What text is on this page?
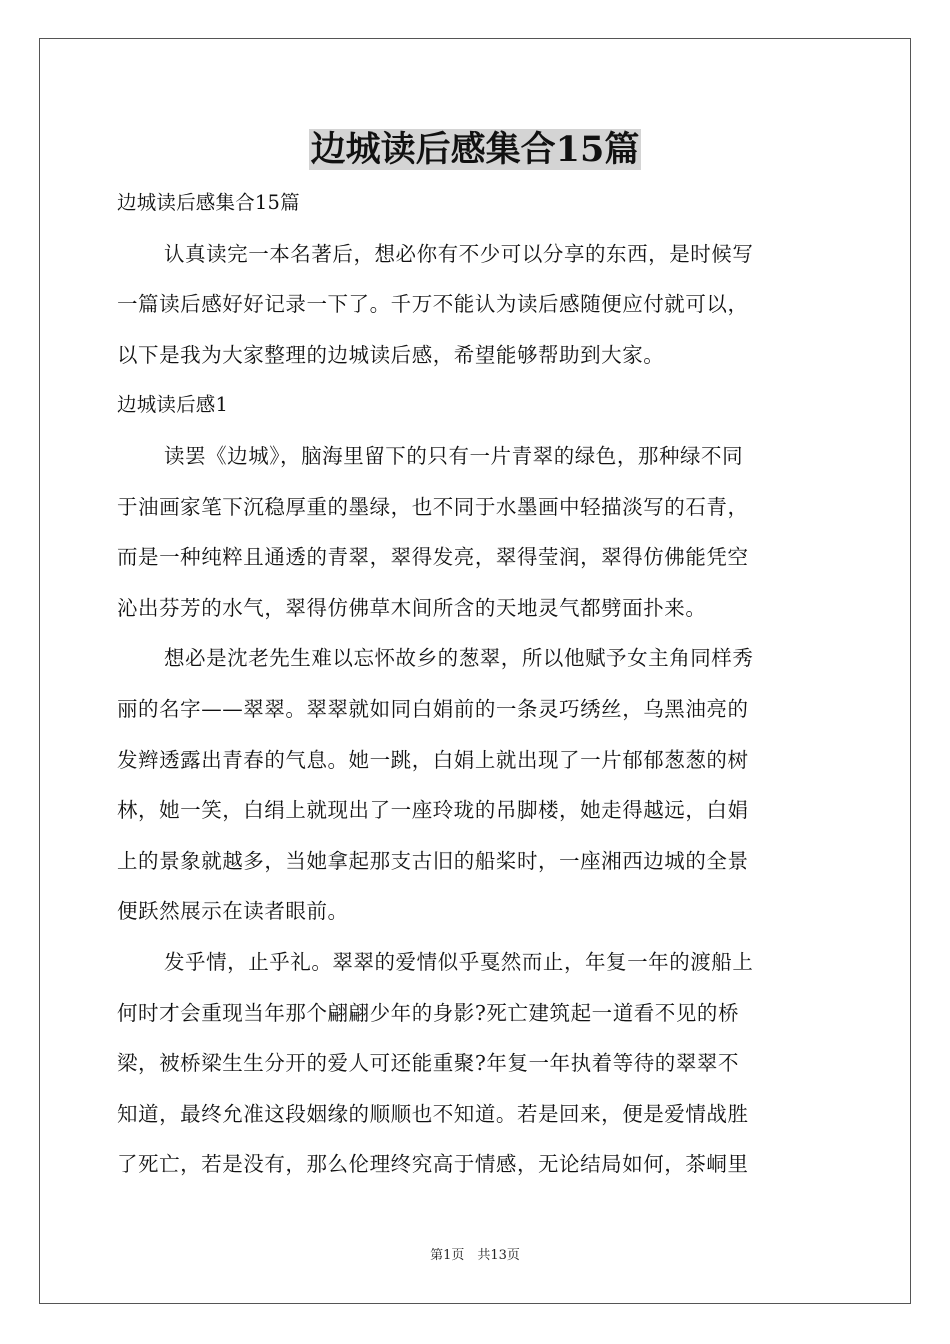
边城读后感集合15篇
边城读后感集合15篇
认真读完一本名著后，想必你有不少可以分享的东西，是时候写
一篇读后感好好记录一下了。千万不能认为读后感随便应付就可以，
以下是我为大家整理的边城读后感，希望能够帮助到大家。
边城读后感1
读罢《边城》，脑海里留下的只有一片青翠的绿色，那种绿不同
于油画家笔下沉稳厚重的墨绿，也不同于水墨画中轻描淡写的石青，
而是一种纯粹且通透的青翠，翠得发亮，翠得莹润，翠得仿佛能凭空
沁出芬芳的水气，翠得仿佛草木间所含的天地灵气都劈面扑来。
想必是沈老先生难以忘怀故乡的葱翠，所以他赋予女主角同样秀
丽的名字——翠翠。翠翠就如同白娟前的一条灵巧绣丝，乌黑油亮的
发辫透露出青春的气息。她一跳，白娟上就出现了一片郁郁葱葱的树
林，她一笑，白绢上就现出了一座玲珑的吊脚楼，她走得越远，白娟
上的景象就越多，当她拿起那支古旧的船桨时，一座湘西边城的全景
便跃然展示在读者眼前。
发乎情，止乎礼。翠翠的爱情似乎戛然而止，年复一年的渡船上
何时才会重现当年那个翩翩少年的身影?死亡建筑起一道看不见的桥
梁，被桥梁生生分开的爱人可还能重聚?年复一年执着等待的翠翠不
知道，最终允准这段姻缘的顺顺也不知道。若是回来，便是爱情战胜
了死亡，若是没有，那么伦理终究高于情感，无论结局如何，茶峒里
第1页　共13页
